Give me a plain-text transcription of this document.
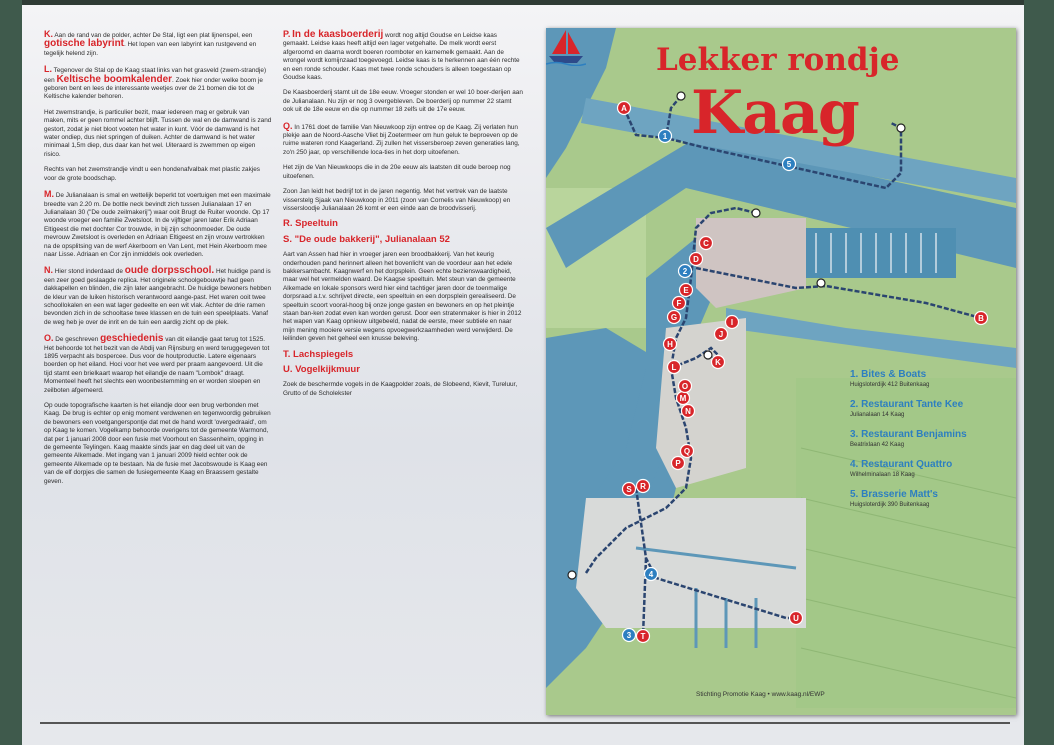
K. Aan de rand van de polder, achter De Stal, ligt een plat lijnenspel, een gotische labyrint. Het lopen van een labyrint kan rustgevend en tegelijk helend zijn.

L. Tegenover de Stal op de Kaag staat links van het grasveld (zwem-strandje) een Keltische boomkalender. Zoek hier onder welke boom je geboren bent en lees de interessante weetjes over de 21 bomen die tot de Keltische kalender behoren.

Het zwemstrandje, is particulier bezit, maar iedereen mag er gebruik van maken, mits er geen rommel achter blijft. Tussen de wal en de damwand is zand gestort, zodat je niet bloot voeten het water in kunt. Vóór de damwand is het water ondiep, dus niet springen of duiken. Achter de damwand is het water minimaal 1,5m diep, dus daar kan het wel. Uiteraard is zwemmen op eigen risico.

Rechts van het zwemstrandje vindt u een hondenafvalbak met plastic zakjes voor de grote boodschap.

M. De Julianalaan is smal en wettelijk beperkt tot voertuigen met een maximale breedte van 2.20 m. De bottle neck bevindt zich tussen Julianalaan 17 en Julianalaan 30 ("De oude zeilmakerij") waar ooit Brugt de Ruiter woonde. Op 17 woonde vroeger een familie Zwetsloot. In de vijftiger jaren later Erik Adriaan Eltigeest die met dochter Cor trouwde, in bij zijn schoonmoeder. De oude mevrouw Zwetsloot is overleden en Adriaan Eltigeest en zijn vrouw vertrokken na de opsplitsing van de werf Akerboom en Van Lent, met Hein Akerboom mee naar Lisse. Adriaan en Cor zijn inmiddels ook overleden.

N. Hier stond inderdaad de oude dorpsschool. Het huidige pand is een zeer goed geslaagde replica. Het originele schoolgebouwtje had geen dakkapellen en blinden, die zijn later aangebracht. De huidige bewoners hebben de kleur van de luiken historisch verantwoord aange-past. Het waren ooit twee schoollokalen en een wat lager gedeelte en een wit vlak. Achter de drie ramen bevonden zich in de schooltase twee klassen en de tuin een speelplaats. Vanaf de weg heb je over de inrit en de tuin een aardig zicht op de plek.

O. De geschreven geschiedenis van dit eilandje gaat terug tot 1525. Het behoorde tot het bezit van de Abdij van Rijnsburg en werd teruggegeven tot 1895 verpacht als bospercee. Dus voor de houtproductie. Latere eigenaars boerden op het eiland. Hoci voor het vee werd per praam aangevoerd. Uit die tijd stamt een brielkaart waarop het eilandje de naam "Lombok" draagt. Momenteel heeft het slechts een woonbestemming en er worden sloepen en zeilboten afgemeerd.

Op oude topografische kaarten is het eilandje door een brug verbonden met Kaag. De brug is echter op enig moment verdwenen en tegenwoordig gebruiken de bewoners een voetgangerspontje dat met de hand wordt 'overgedraaid', om op Kaag te komen. Vogelkamp behoorde overigens tot de gemeente Warmond, dat per 1 januari 2008 door een fusie met Voorhout en Sassenheim, opging in de gemeente Teylingen. Kaag maakte sinds jaar en dag deel uit van de gemeente Alkemade. Met ingang van 1 januari 2009 hield echter ook de gemeente Alkemade op te bestaan. Na de fusie met Jacobswoude is Kaag een van de elf dorpjes die samen de fusiegemeente Kaag en Braassem gestalte geven.

P. In de kaasboerderij wordt nog altijd Goudse en Leidse kaas gemaakt. Leidse kaas heeft altijd een lager vetgehalte. De melk wordt eerst afgeroomd en daarna wordt boeren roomboter en karnemelk gemaakt. Aan de wrongel wordt komijnzaad toegevoegd. Leidse kaas is te herkennen aan één rechte en een ronde schouder. Kaas met twee ronde schouders is alleen toegestaan op Goudse kaas.

De Kaasboerderij stamt uit de 18e eeuw. Vroeger stonden er wel 10 boer-derijen aan de Julianalaan. Nu zijn er nog 3 overgebleven. De boerderij op nummer 22 stamt ook uit de 18e eeuw en die op nummer 18 zelfs uit de 17e eeuw.

Q. In 1761 doet de familie Van Nieuwkoop zijn entree op de Kaag. Zij verlaten hun plekje aan de Noord-Aasche Vliet bij Zoetermeer om hun geluk te beproeven op de ruime wateren rond Kaagerland. Zij zullen het vissersberoep zeven generaties lang, zo'n 250 jaar, op verschillende loca-ties in het dorp uitoefenen.

Het zijn de Van Nieuwkoops die in de 20e eeuw als laatsten dit oude beroep nog uitoefenen.

Zoon Jan leidt het bedrijf tot in de jaren negentig. Met het vertrek van de laatste visserstelg Sjaak van Nieuwkoop in 2011 (zoon van Cornelis van Nieuwkoop) en vissersloodje Julianalaan 26 komt er een einde aan de broodvisserij.

R. Speeltuin

S. "De oude bakkerij", Julianalaan 52

Aart van Assen had hier in vroeger jaren een broodbakkerij. Van het keurig onderhouden pand herinnert alleen het bovenlicht van de voordeur aan het edele bakkersambacht. Kaagnwerf en het dorpsplein. Geen echte bezienswaardigheid, maar wel het vermelden waard. De Kaagse speeltuin. Met steun van de gemeente Alkemade en lokale sponsors werd hier eind tachtiger jaren door de toenmalige dorpsraad a.t.v. schrijvet directe, een speeltuin en een dorpsplein gerealiseerd. De speeltuin scoort vooral-hoog bij onze jonge gasten en bewoners en op het pleintje staan ban-ken zodat even kan worden gerust. Door een stratenmaker is hier in 2012 het wapen van Kaag opnieuw uitgebeeld, nadat de eerste, meer subtiele en naar mijn mening mooiere versie wegens opvoegwerkzaamheden werd verwijderd. De leilinden geven het geheel een knusse beleving.

T. Lachspiegels

U. Vogelkijkmuur

Zoek de beschermde vogels in de Kaagpolder zoals, de Slobeend, Kievit, Tureluur, Grutto of de Scholekster

A
B
C
D
E
F
G
H
I
J
K
L
M
N
O
P
Q
R
S
T
U
1
2
3
4
5
Lekker rondje
Kaag
1. Bites & Boats
Huigsloterdijk 412 Buitenkaag
2. Restaurant Tante Kee
Julianalaan 14 Kaag
3. Restaurant Benjamins
Beatrixlaan 42 Kaag
4. Restaurant Quattro
Wilhelminalaan 18 Kaag
5. Brasserie Matt's
Huigsloterdijk 390 Buitenkaag
Stichting Promotie Kaag • www.kaag.nl/EWP
